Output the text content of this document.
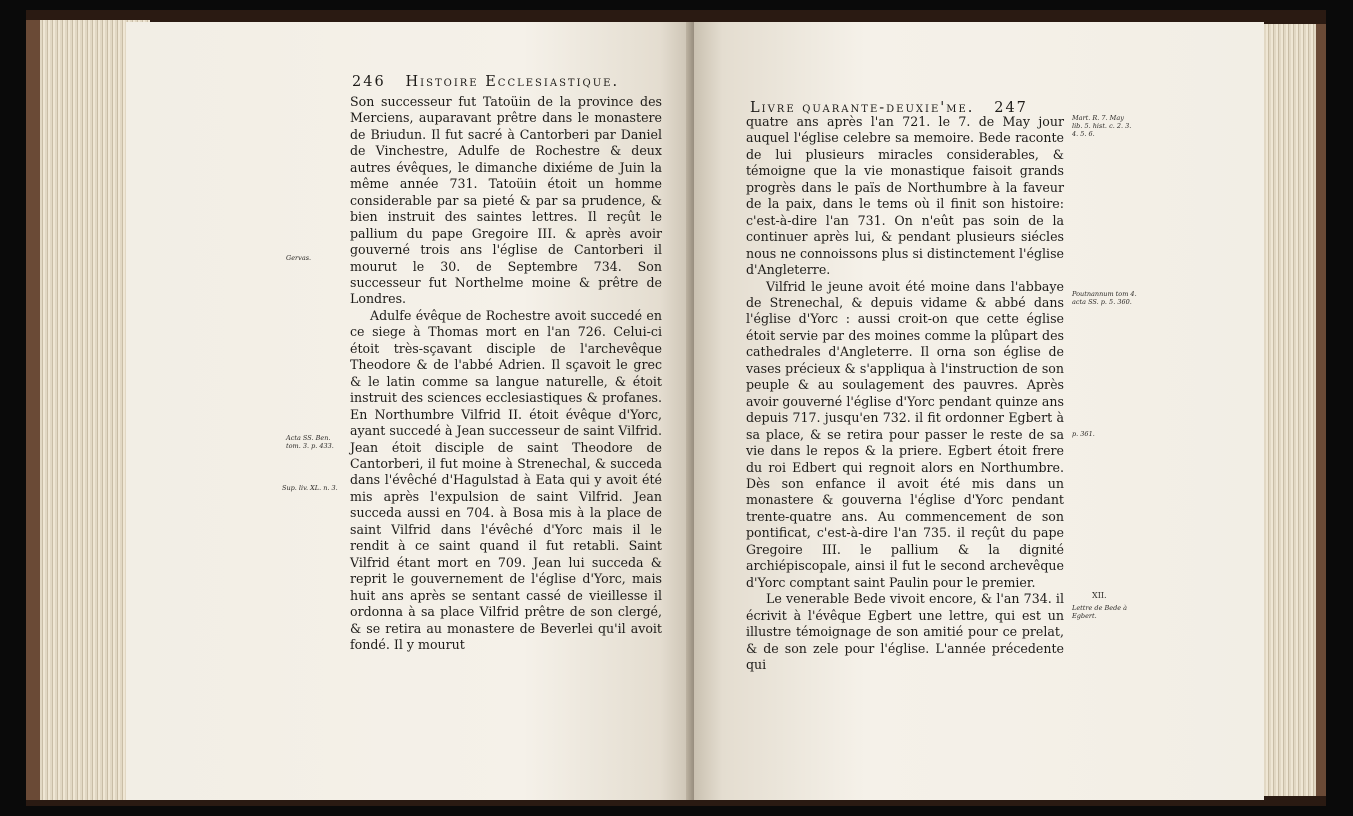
246 Histoire Ecclesiastique.

Son successeur fut Tatoüin de la province des Merciens, auparavant prêtre dans le monastere de Briudun. Il fut sacré à Cantorberi par Daniel de Vinchestre, Adulfe de Rochestre & deux autres évêques, le dimanche dixiéme de Juin la même année 731. Tatoüin étoit un homme considerable par sa pieté & par sa prudence, & bien instruit des saintes lettres. Il reçût le pallium du pape Gregoire III. & après avoir gouverné trois ans l'église de Cantorberi il mourut le 30. de Septembre 734. Son successeur fut Northelme moine & prêtre de Londres.

Adulfe évêque de Rochestre avoit succedé en ce siege à Thomas mort en l'an 726. Celui-ci étoit très-sçavant disciple de l'archevêque Theodore & de l'abbé Adrien. Il sçavoit le grec & le latin comme sa langue naturelle, & étoit instruit des sciences ecclesiastiques & profanes. En Northumbre Vilfrid II. étoit évêque d'Yorc, ayant succedé à Jean successeur de saint Vilfrid. Jean étoit disciple de saint Theodore de Cantorberi, il fut moine à Strenechal, & succeda dans l'évêché d'Hagulstad à Eata qui y avoit été mis après l'expulsion de saint Vilfrid. Jean succeda aussi en 704. à Bosa mis à la place de saint Vilfrid dans l'évêché d'Yorc mais il le rendit à ce saint quand il fut retabli. Saint Vilfrid étant mort en 709. Jean lui succeda & reprit le gouvernement de l'église d'Yorc, mais huit ans après se sentant cassé de vieillesse il ordonna à sa place Vilfrid prêtre de son clergé, & se retira au monastere de Beverlei qu'il avoit fondé. Il y mourut

Gervas.
Acta SS. Ben. tom. 3. p. 433.
Sup. liv. XL. n. 3.
Livre quarante-deuxie'me. 247

quatre ans après l'an 721. le 7. de May jour auquel l'église celebre sa memoire. Bede raconte de lui plusieurs miracles considerables, & témoigne que la vie monastique faisoit grands progrès dans le païs de Northumbre à la faveur de la paix, dans le tems où il finit son histoire: c'est-à-dire l'an 731. On n'eût pas soin de la continuer après lui, & pendant plusieurs siécles nous ne connoissons plus si distinctement l'église d'Angleterre.

Vilfrid le jeune avoit été moine dans l'abbaye de Strenechal, & depuis vidame & abbé dans l'église d'Yorc : aussi croit-on que cette église étoit servie par des moines comme la plûpart des cathedrales d'Angleterre. Il orna son église de vases précieux & s'appliqua à l'instruction de son peuple & au soulagement des pauvres. Après avoir gouverné l'église d'Yorc pendant quinze ans depuis 717. jusqu'en 732. il fit ordonner Egbert à sa place, & se retira pour passer le reste de sa vie dans le repos & la priere. Egbert étoit frere du roi Edbert qui regnoit alors en Northumbre. Dès son enfance il avoit été mis dans un monastere & gouverna l'église d'Yorc pendant trente-quatre ans. Au commencement de son pontificat, c'est-à-dire l'an 735. il reçût du pape Gregoire III. le pallium & la dignité archiépiscopale, ainsi il fut le second archevêque d'Yorc comptant saint Paulin pour le premier.

Le venerable Bede vivoit encore, & l'an 734. il écrivit à l'évêque Egbert une lettre, qui est un illustre témoignage de son amitié pour ce prelat, & de son zele pour l'église. L'année précedente qui

Mart. R. 7. May lib. 5. hist. c. 2. 3. 4. 5. 6.
Poutnannum tom 4. acta SS. p. 5. 360.
p. 361.
XII.
Lettre de Bede à Egbert.
